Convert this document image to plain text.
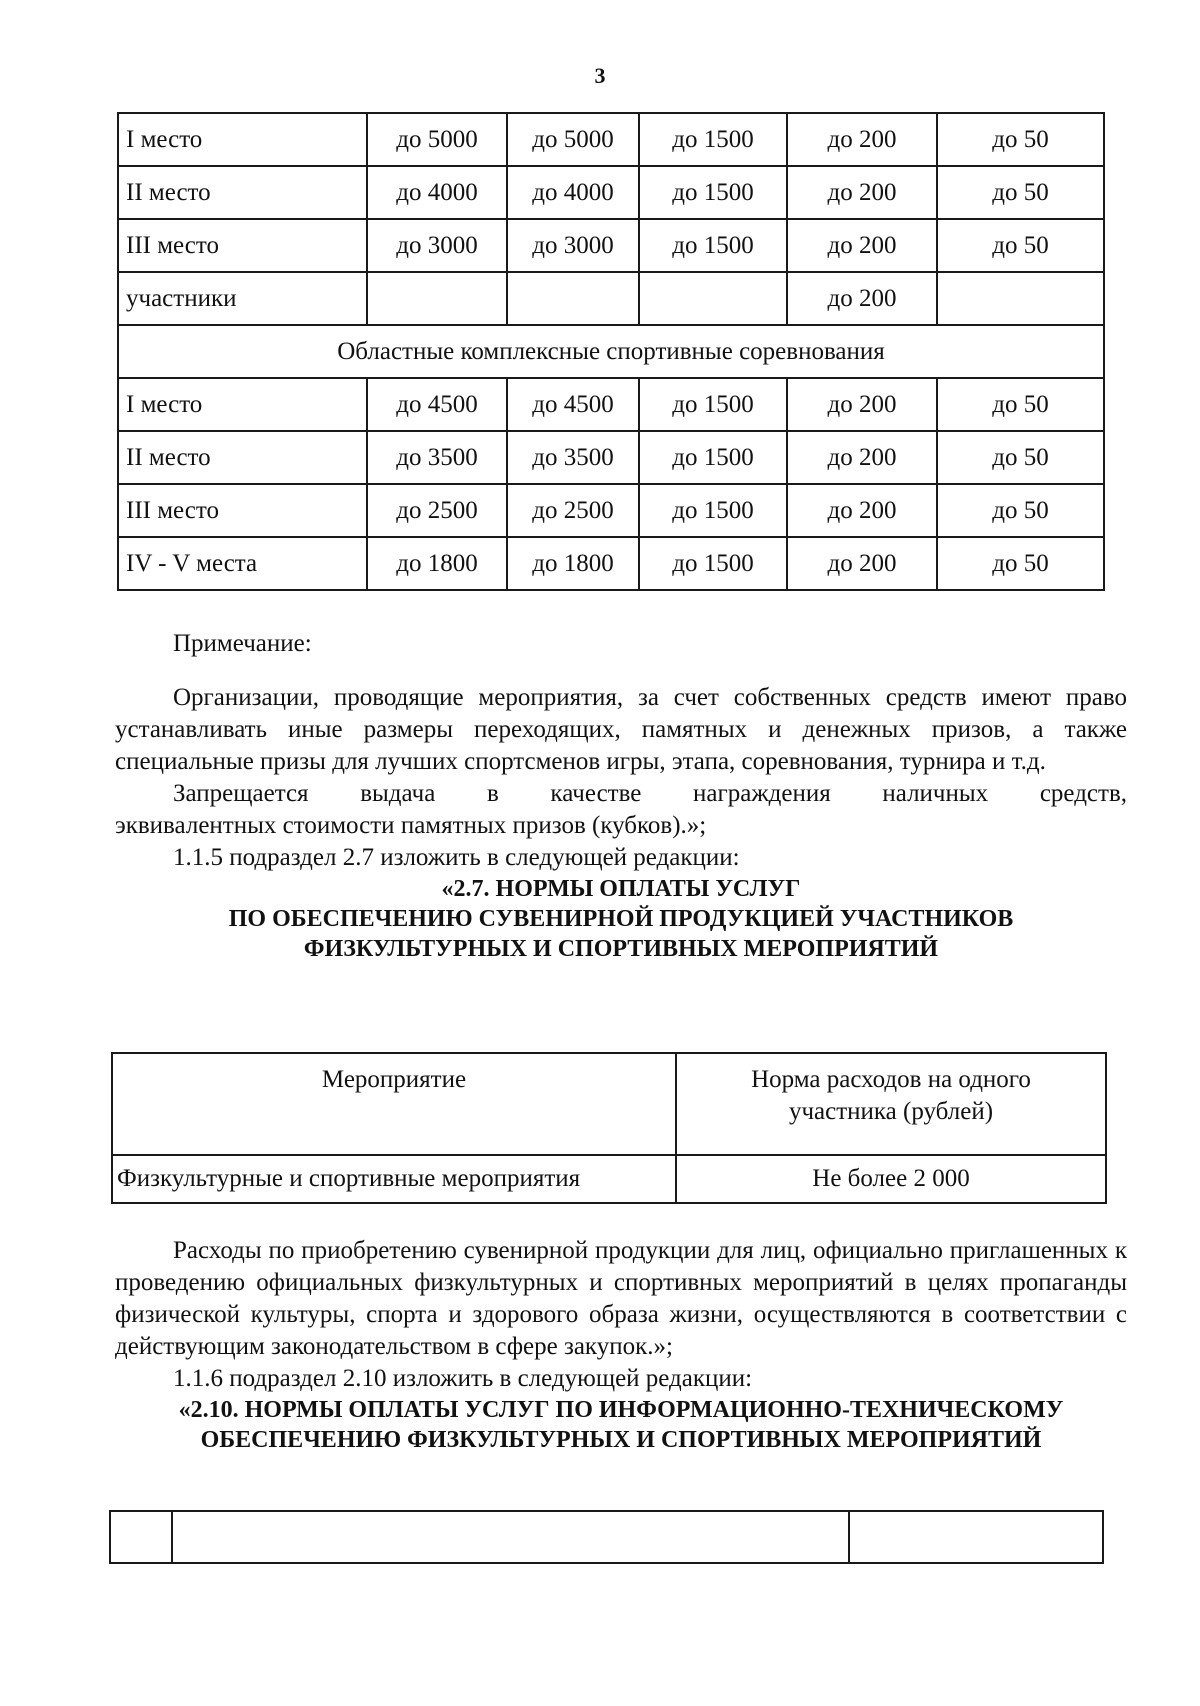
3
I место	до 5000	до 5000	до 1500	до 200	до 50
II место	до 4000	до 4000	до 1500	до 200	до 50
III место	до 3000	до 3000	до 1500	до 200	до 50
участники				до 200	
Областные комплексные спортивные соревнования					
I место	до 4500	до 4500	до 1500	до 200	до 50
II место	до 3500	до 3500	до 1500	до 200	до 50
III место	до 2500	до 2500	до 1500	до 200	до 50
IV - V места	до 1800	до 1800	до 1500	до 200	до 50

Примечание:

Организации, проводящие мероприятия, за счет собственных средств имеют право устанавливать иные размеры переходящих, памятных и денежных призов, а также специальные призы для лучших спортсменов игры, этапа, соревнования, турнира и т.д.

Запрещается выдача в качестве награждения наличных средств,

эквивалентных стоимости памятных призов (кубков).»;

1.1.5 подраздел 2.7 изложить в следующей редакции:

«2.7. НОРМЫ ОПЛАТЫ УСЛУГ

ПО ОБЕСПЕЧЕНИЮ СУВЕНИРНОЙ ПРОДУКЦИЕЙ УЧАСТНИКОВ

ФИЗКУЛЬТУРНЫХ И СПОРТИВНЫХ МЕРОПРИЯТИЙ

Мероприятие	Норма расходов на одного
участника (рублей)

Физкультурные и спортивные мероприятия	Не более 2 000

Расходы по приобретению сувенирной продукции для лиц, официально приглашенных к проведению официальных физкультурных и спортивных мероприятий в целях пропаганды физической культуры, спорта и здорового образа жизни, осуществляются в соответствии с действующим законодательством в сфере закупок.»;

1.1.6 подраздел 2.10 изложить в следующей редакции:

«2.10. НОРМЫ ОПЛАТЫ УСЛУГ ПО ИНФОРМАЦИОННО-ТЕХНИЧЕСКОМУ

ОБЕСПЕЧЕНИЮ ФИЗКУЛЬТУРНЫХ И СПОРТИВНЫХ МЕРОПРИЯТИЙ
